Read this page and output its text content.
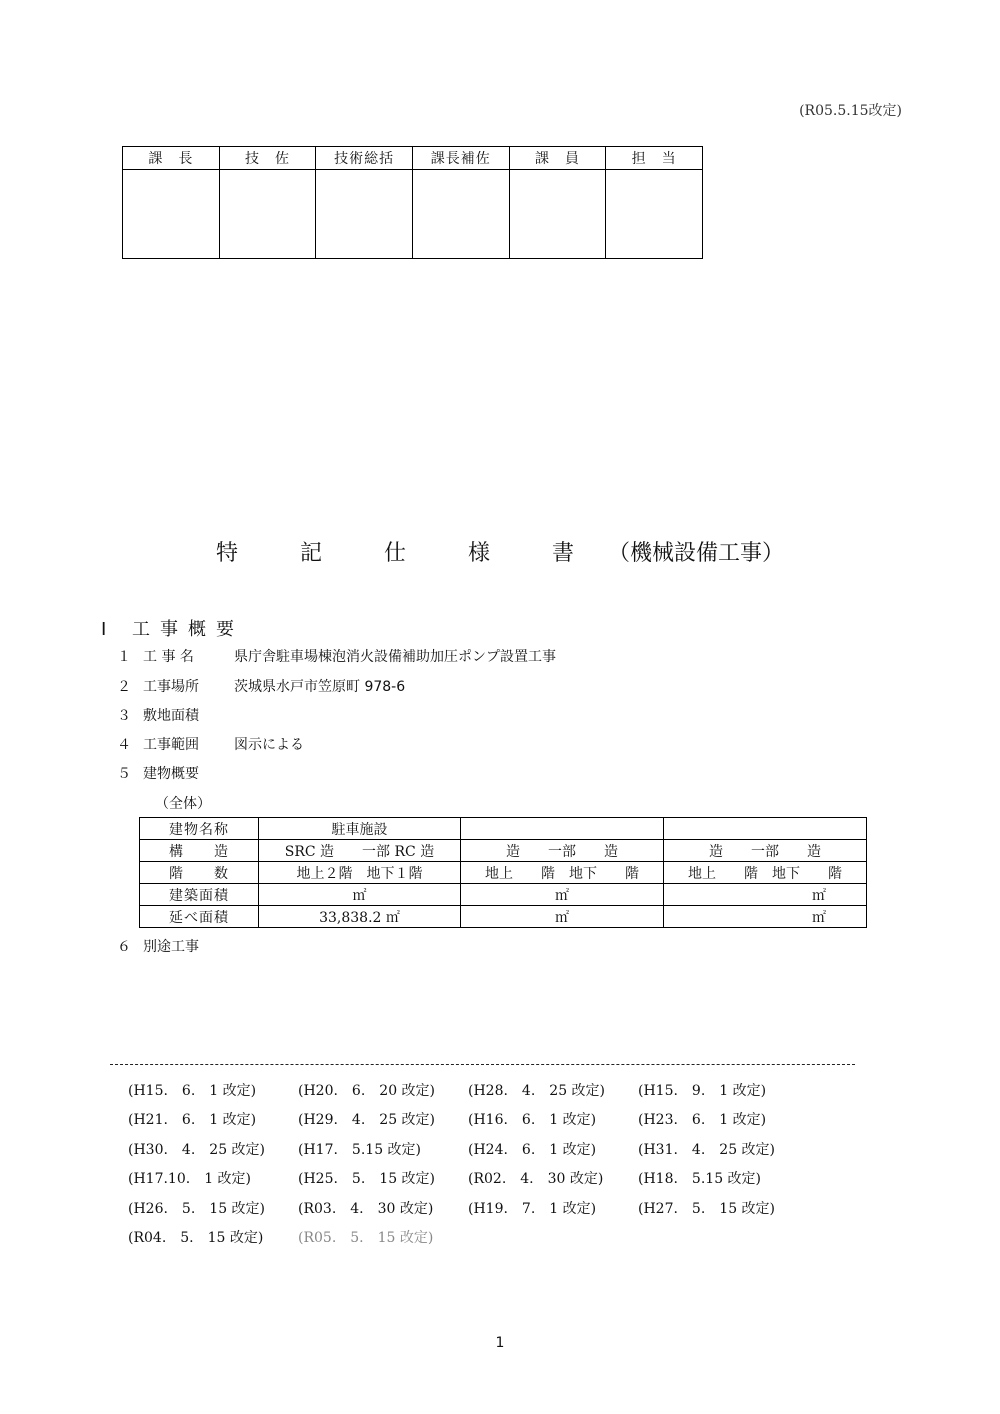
(R05.5.15改定)
課　長	技　佐	技術総括	課長補佐	課　員	担　当

特　記　仕　様　書 （機械設備工事）
Ⅰ 工事概要
１ 工 事 名	県庁舎駐車場棟泡消火設備補助加圧ポンプ設置工事
２ 工事場所	茨城県水戸市笠原町 978-6
３ 敷地面積
４ 工事範囲	図示による
５ 建物概要
（全体）
建物名称	駐車施設		
構　　造	SRC 造　　一部 RC 造	造　　一部　　造	造　　一部　　造
階　　数	地上２階　地下１階	地上　　階　地下　　階	地上　　階　地下　　階
建築面積	㎡	㎡	㎡
延べ面積	33,838.2 ㎡	㎡	㎡
６ 別途工事
(H15.　6.　1 改定)	(H20.　6.　20 改定)	(H28.　4.　25 改定)	(H15.　9.　1 改定)
(H21.　6.　1 改定)	(H29.　4.　25 改定)	(H16.　6.　1 改定)	(H23.　6.　1 改定)
(H30.　4.　25 改定)	(H17.　5.15 改定)	(H24.　6.　1 改定)	(H31.　4.　25 改定)
(H17.10.　1 改定)	(H25.　5.　15 改定)	(R02.　4.　30 改定)	(H18.　5.15 改定)
(H26.　5.　15 改定)	(R03.　4.　30 改定)	(H19.　7.　1 改定)	(H27.　5.　15 改定)
(R04.　5.　15 改定)	(R05.　5.　15 改定)
1
